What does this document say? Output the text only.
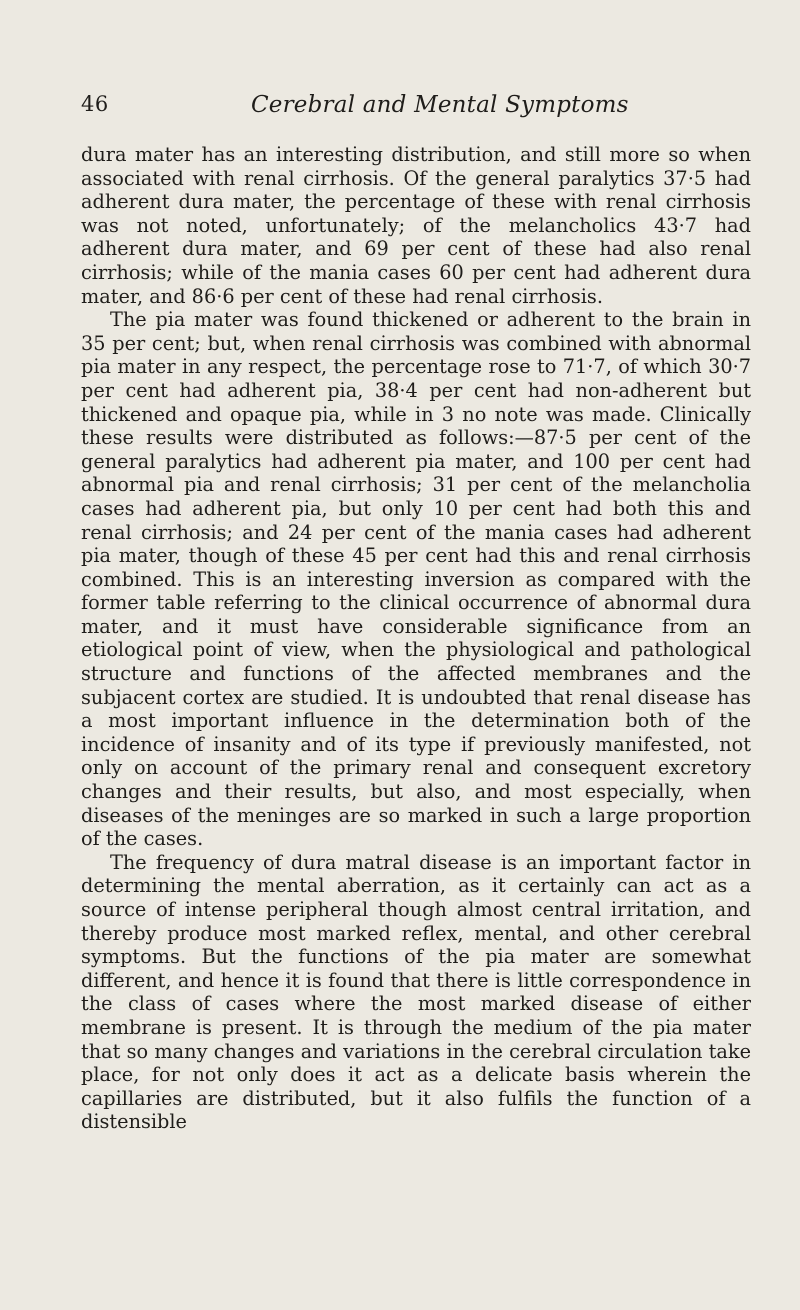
46	Cerebral and Mental Symptoms

dura mater has an interesting distribution, and still more so when associated with renal cirrhosis. Of the general paralytics 37·5 had adherent dura mater, the percentage of these with renal cirrhosis was not noted, unfortunately; of the melancholics 43·7 had adherent dura mater, and 69 per cent of these had also renal cirrhosis; while of the mania cases 60 per cent had adherent dura mater, and 86·6 per cent of these had renal cirrhosis.

The pia mater was found thickened or adherent to the brain in 35 per cent; but, when renal cirrhosis was combined with abnormal pia mater in any respect, the percentage rose to 71·7, of which 30·7 per cent had adherent pia, 38·4 per cent had non-adherent but thickened and opaque pia, while in 3 no note was made. Clinically these results were distributed as follows:—87·5 per cent of the general paralytics had adherent pia mater, and 100 per cent had abnormal pia and renal cirrhosis; 31 per cent of the melancholia cases had adherent pia, but only 10 per cent had both this and renal cirrhosis; and 24 per cent of the mania cases had adherent pia mater, though of these 45 per cent had this and renal cirrhosis combined. This is an interesting inversion as compared with the former table referring to the clinical occurrence of abnormal dura mater, and it must have considerable significance from an etiological point of view, when the physiological and pathological structure and functions of the affected membranes and the subjacent cortex are studied. It is undoubted that renal disease has a most important influence in the determination both of the incidence of insanity and of its type if previously manifested, not only on account of the primary renal and consequent excretory changes and their results, but also, and most especially, when diseases of the meninges are so marked in such a large proportion of the cases.

The frequency of dura matral disease is an important factor in determining the mental aberration, as it certainly can act as a source of intense peripheral though almost central irritation, and thereby produce most marked reflex, mental, and other cerebral symptoms. But the functions of the pia mater are somewhat different, and hence it is found that there is little correspondence in the class of cases where the most marked disease of either membrane is present. It is through the medium of the pia mater that so many changes and variations in the cerebral circulation take place, for not only does it act as a delicate basis wherein the capillaries are distributed, but it also fulfils the function of a distensible
